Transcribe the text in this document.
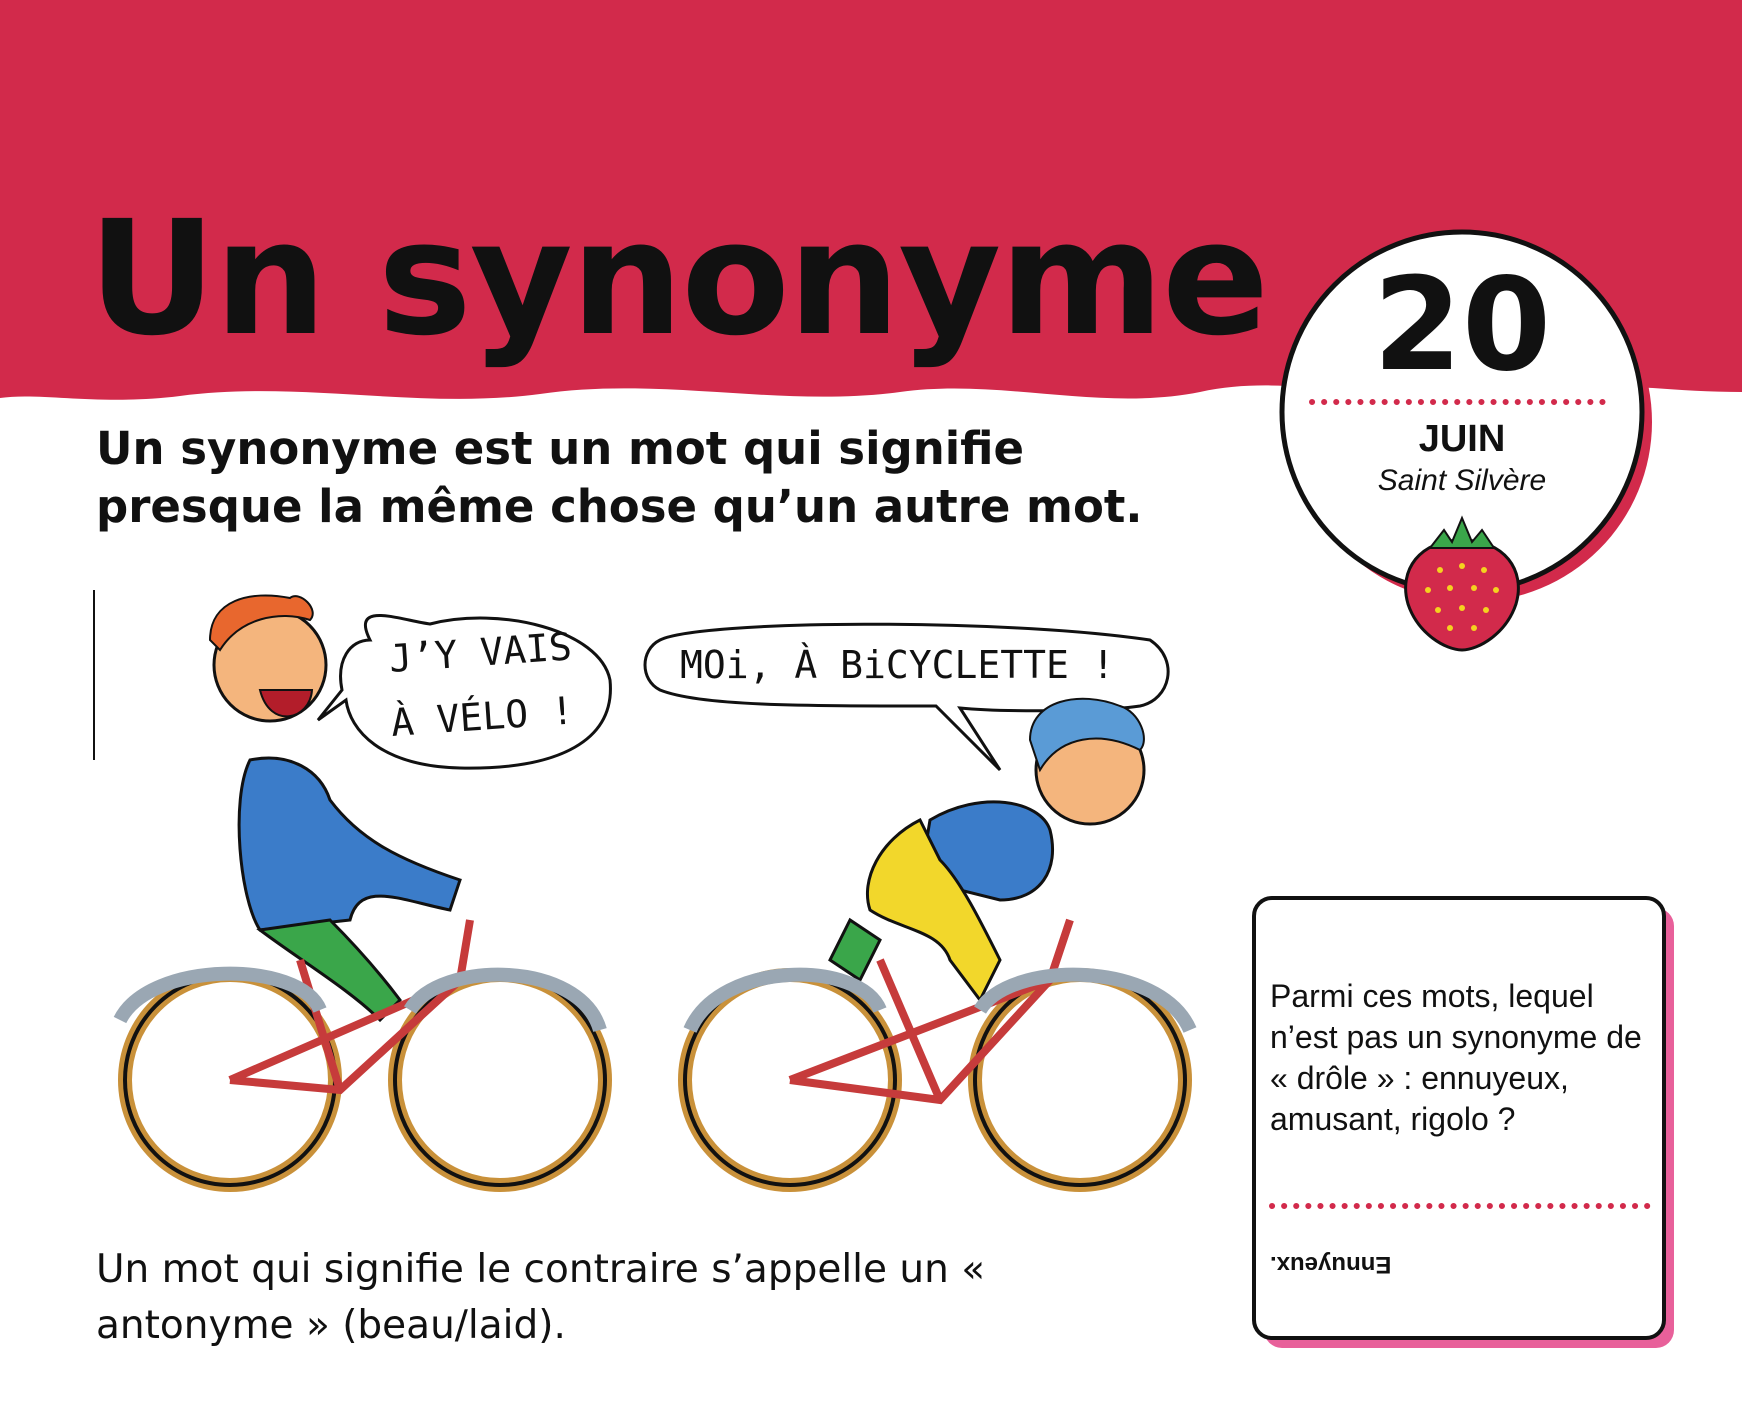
J’Y VAIS
À VÉLO !
MOi, À BiCYCLETTE !
Un synonyme
Un synonyme est un mot qui signifie presque la même chose qu’un autre mot.
20
JUIN
Saint Silvère
Un mot qui signifie le contraire s’appelle un « antonyme » (beau/laid).
Parmi ces mots, lequel n’est pas un synonyme de « drôle » : ennuyeux, amusant, rigolo ?
Ennuyeux.
